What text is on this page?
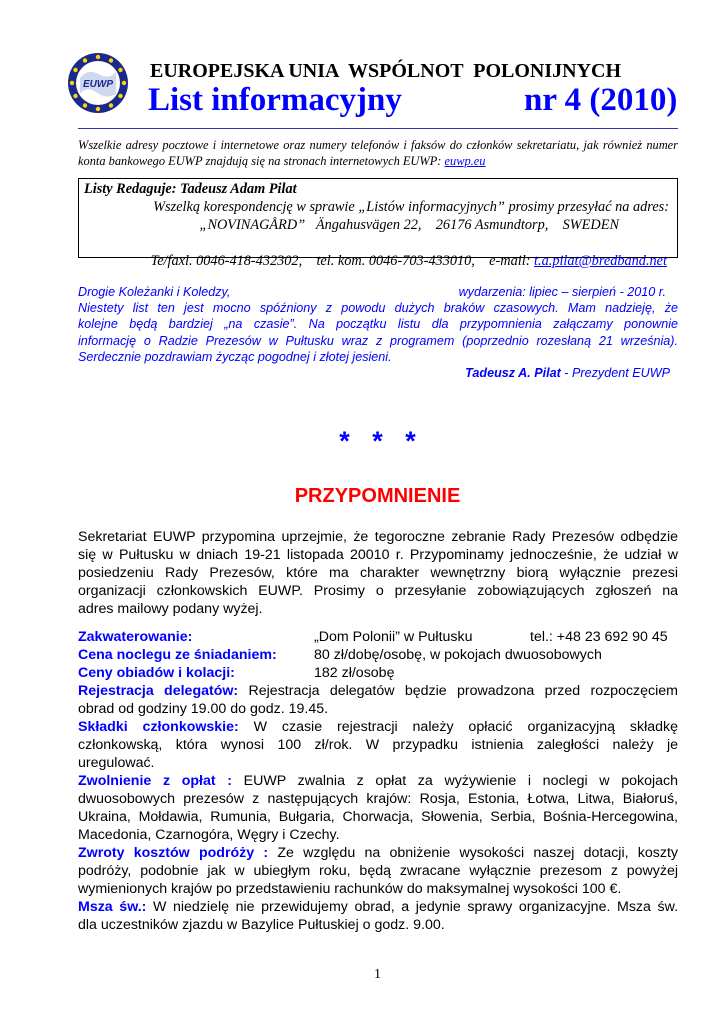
EUWP
EUROPEJSKA UNIA  WSPÓLNOT  POLONIJNYCH
List informacyjny	nr 4 (2010)
Wszelkie adresy pocztowe i internetowe oraz numery telefonów i faksów do członków sekretariatu, jak również numer konta bankowego EUWP znajdują się na stronach internetowych EUWP: euwp.eu
Listy Redaguje: Tadeusz Adam Pilat
Wszelką korespondencję w sprawie „Listów informacyjnych” prosimy przesyłać na adres:
„NOVINAGÅRD”   Ängahusvägen 22,    26176 Asmundtorp,    SWEDEN

Te/faxl. 0046-418-432302,    tel. kom. 0046-703-433010,    e-mail: t.a.pilat@bredband.net

Drogie Koleżanki i Koledzy,	wydarzenia: lipiec – sierpień - 2010 r.
Niestety list ten jest mocno spóźniony z powodu dużych braków czasowych. Mam nadzieję, że
kolejne będą bardziej „na czasie”. Na początku listu dla przypomnienia załączamy ponownie
informację o Radzie Prezesów w Pułtusku wraz z programem (poprzednio rozesłaną 21 września).
Serdecznie pozdrawiam życząc pogodnej i złotej jesieni.
Tadeusz A. Pilat - Prezydent EUWP
*   *   *
PRZYPOMNIENIE
Sekretariat EUWP przypomina uprzejmie, że tegoroczne zebranie Rady Prezesów odbędzie
się w Pułtusku w dniach 19-21 listopada 20010 r. Przypominamy jednocześnie, że udział w
posiedzeniu Rady Prezesów, które ma charakter wewnętrzny biorą wyłącznie prezesi
organizacji członkowskich EUWP. Prosimy o przesyłanie zobowiązujących zgłoszeń na
adres mailowy podany wyżej.
Zakwaterowanie:	„Dom Polonii” w Pułtusku	tel.: +48 23 692 90 45
Cena noclegu ze śniadaniem:	80 zł/dobę/osobę, w pokojach dwuosobowych
Ceny obiadów i kolacji:	182 zł/osobę
Rejestracja delegatów: Rejestracja delegatów będzie prowadzona przed rozpoczęciem
obrad od godziny 19.00 do godz. 19.45.
Składki członkowskie: W czasie rejestracji należy opłacić organizacyjną składkę
członkowską, która wynosi 100 zł/rok. W przypadku istnienia zaległości należy je
uregulować.
Zwolnienie z opłat : EUWP zwalnia z opłat za wyżywienie i noclegi w pokojach
dwuosobowych prezesów z następujących krajów: Rosja, Estonia, Łotwa, Litwa, Białoruś,
Ukraina, Mołdawia, Rumunia, Bułgaria, Chorwacja, Słowenia, Serbia, Bośnia-Hercegowina,
Macedonia, Czarnogóra, Węgry i Czechy.
Zwroty kosztów podróży : Ze względu na obniżenie wysokości naszej dotacji, koszty
podróży, podobnie jak w ubiegłym roku, będą zwracane wyłącznie prezesom z powyżej
wymienionych krajów po przedstawieniu rachunków do maksymalnej wysokości 100 €.
Msza św.: W niedzielę nie przewidujemy obrad, a jedynie sprawy organizacyjne. Msza św.
dla uczestników zjazdu w Bazylice Pułtuskiej o godz. 9.00.
1
